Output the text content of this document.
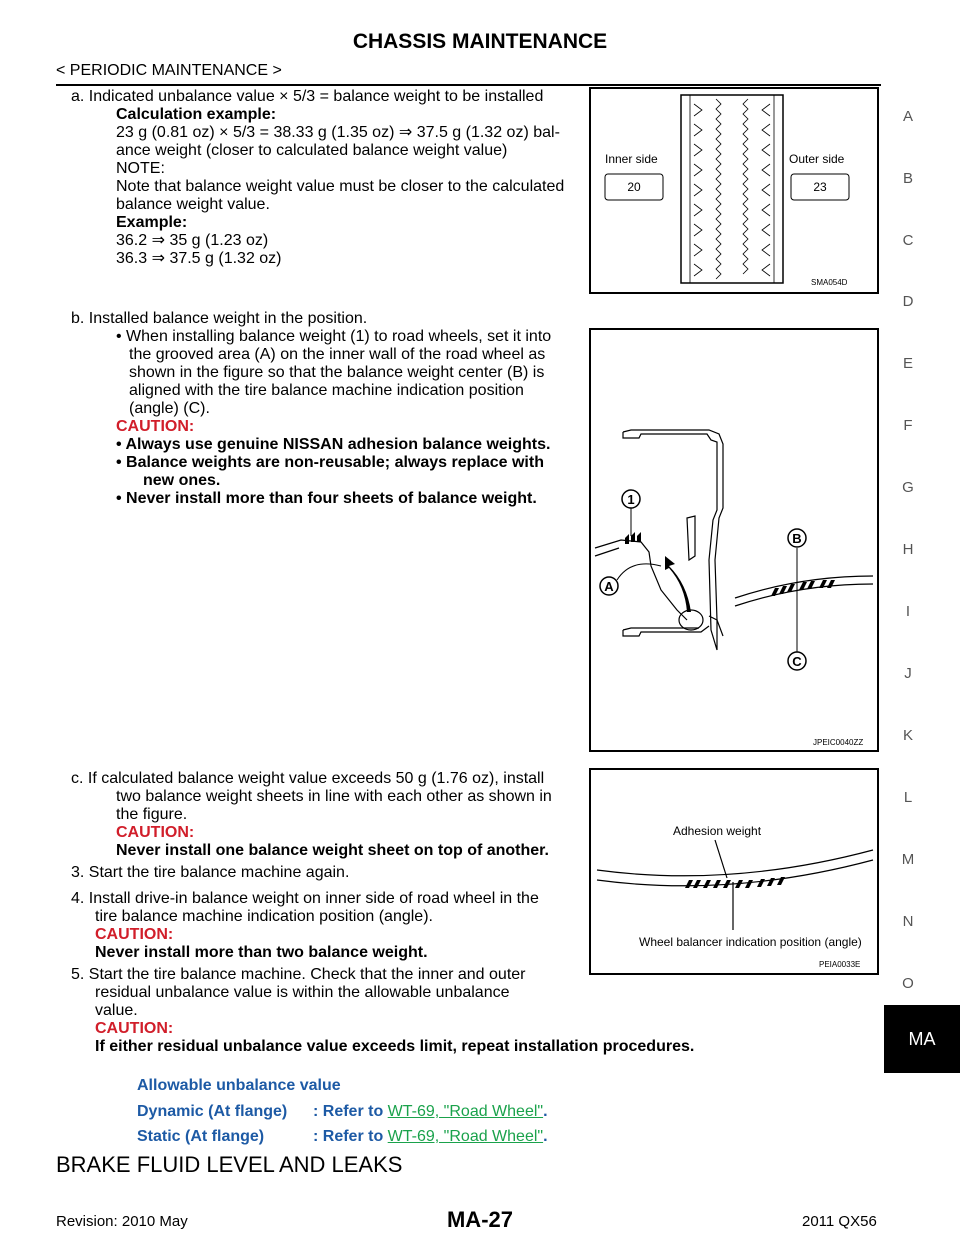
CHASSIS MAINTENANCE
< PERIODIC MAINTENANCE >
A
B
C
D
E
F
G
H
I
J
K
L
M
N
O
MA
a. Indicated unbalance value × 5/3 = balance weight to be installed
Calculation example:
23 g (0.81 oz) × 5/3 = 38.33 g (1.35 oz) ⇒ 37.5 g (1.32 oz) bal-
ance weight (closer to calculated balance weight value)
NOTE:
Note that balance weight value must be closer to the calculated
balance weight value.
Example:
36.2 ⇒ 35 g (1.23 oz)
36.3 ⇒ 37.5 g (1.32 oz)
Inner side	Outer side
20	23
SMA054D
b. Installed balance weight in the position.
• When installing balance weight (1) to road wheels, set it into
the grooved area (A) on the inner wall of the road wheel as
shown in the figure so that the balance weight center (B) is
aligned with the tire balance machine indication position
(angle) (C).
CAUTION:
• Always use genuine NISSAN adhesion balance weights.
• Balance weights are non-reusable; always replace with
new ones.
• Never install more than four sheets of balance weight.	1
A
B
C
JPEIC0040ZZ
c. If calculated balance weight value exceeds 50 g (1.76 oz), install
two balance weight sheets in line with each other as shown in
the figure.
CAUTION:
Never install one balance weight sheet on top of another.
3. Start the tire balance machine again.
4. Install drive-in balance weight on inner side of road wheel in the
tire balance machine indication position (angle).
CAUTION:
Never install more than two balance weight.
5. Start the tire balance machine. Check that the inner and outer
residual unbalance value is within the allowable unbalance
value.
CAUTION:
If either residual unbalance value exceeds limit, repeat installation procedures.
Adhesion weight
Wheel balancer indication position (angle)
PEIA0033E
Allowable unbalance value
Dynamic (At flange) : Refer to WT-69, "Road Wheel".
Static (At flange)	: Refer to WT-69, "Road Wheel".
BRAKE FLUID LEVEL AND LEAKS
Revision: 2010 May	MA-27	2011 QX56
